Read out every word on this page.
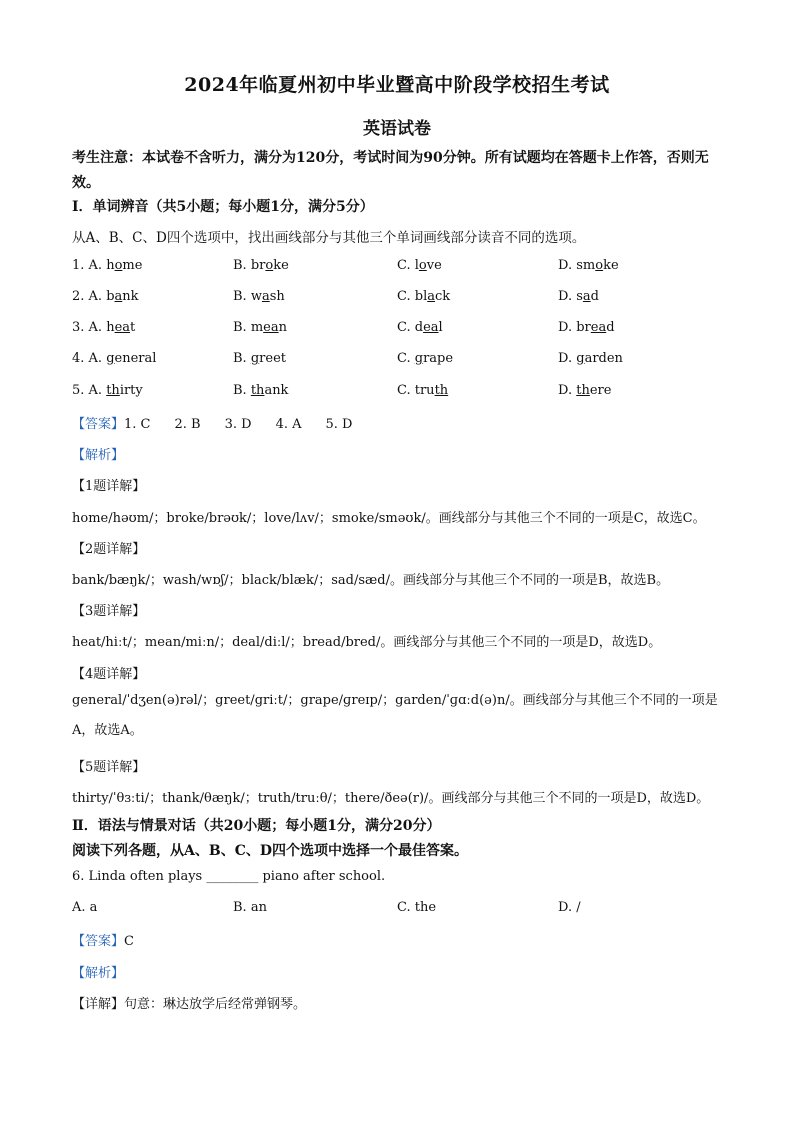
2024年临夏州初中毕业暨高中阶段学校招生考试
英语试卷
考生注意：本试卷不含听力，满分为120分，考试时间为90分钟。所有试题均在答题卡上作答，否则无效。
Ⅰ．单词辨音（共5小题；每小题1分，满分5分）
从A、B、C、D四个选项中，找出画线部分与其他三个单词画线部分读音不同的选项。
1. A. home	B. broke	C. love	D. smoke
2. A. bank	B. wash	C. black	D. sad
3. A. heat	B. mean	C. deal	D. bread
4. A. general	B. greet	C. grape	D. garden
5. A. thirty	B. thank	C. truth	D. there
【答案】1. C 2. B 3. D 4. A 5. D
【解析】
【1题详解】
home/həʊm/；broke/brəʊk/；love/lʌv/；smoke/sməʊk/。画线部分与其他三个不同的一项是C，故选C。
【2题详解】
bank/bæŋk/；wash/wɒʃ/；black/blæk/；sad/sæd/。画线部分与其他三个不同的一项是B，故选B。
【3题详解】
heat/hiːt/；mean/miːn/；deal/diːl/；bread/bred/。画线部分与其他三个不同的一项是D，故选D。
【4题详解】
general/ˈdʒen(ə)rəl/；greet/griːt/；grape/ɡreɪp/；garden/ˈɡɑːd(ə)n/。画线部分与其他三个不同的一项是A，故选A。
【5题详解】
thirty/ˈθɜːti/；thank/θæŋk/；truth/truːθ/；there/ðeə(r)/。画线部分与其他三个不同的一项是D，故选D。
Ⅱ．语法与情景对话（共20小题；每小题1分，满分20分）
阅读下列各题，从A、B、C、D四个选项中选择一个最佳答案。
6. Linda often plays ________ piano after school.
A. a	B. an	C. the	D. /
【答案】C
【解析】
【详解】句意：琳达放学后经常弹钢琴。
